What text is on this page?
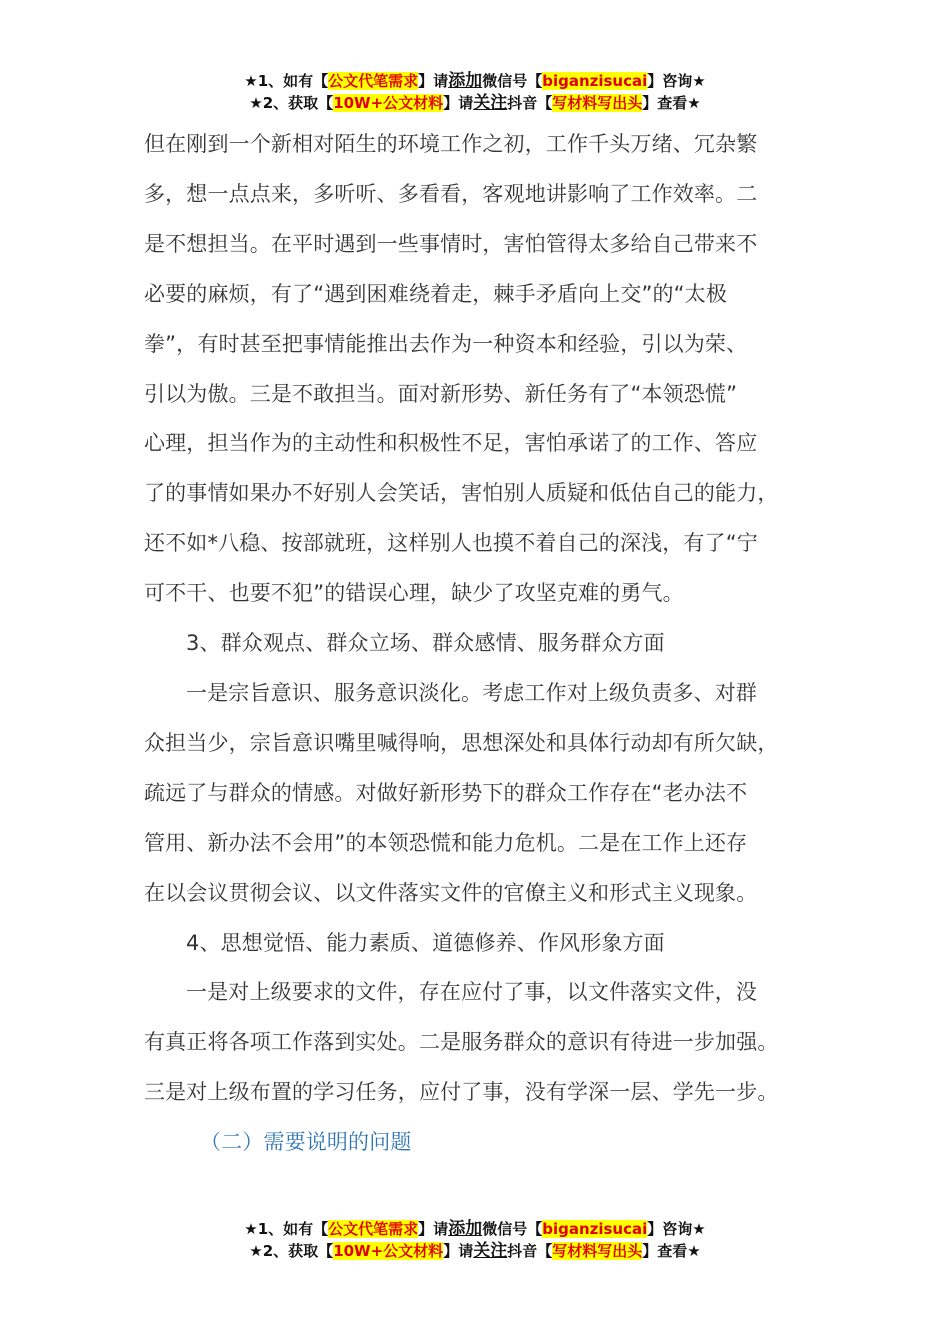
★1、如有【公文代笔需求】请添加微信号【biganzisucai】咨询★
★2、获取【10W+公文材料】请关注抖音【写材料写出头】查看★

但在刚到一个新相对陌生的环境工作之初，工作千头万绪、冗杂繁

多，想一点点来，多听听、多看看，客观地讲影响了工作效率。二

是不想担当。在平时遇到一些事情时，害怕管得太多给自己带来不

必要的麻烦，有了“遇到困难绕着走，棘手矛盾向上交”的“太极

拳”，有时甚至把事情能推出去作为一种资本和经验，引以为荣、

引以为傲。三是不敢担当。面对新形势、新任务有了“本领恐慌”

心理，担当作为的主动性和积极性不足，害怕承诺了的工作、答应

了的事情如果办不好别人会笑话，害怕别人质疑和低估自己的能力，

还不如*八稳、按部就班，这样别人也摸不着自己的深浅，有了“宁

可不干、也要不犯”的错误心理，缺少了攻坚克难的勇气。

3、群众观点、群众立场、群众感情、服务群众方面

一是宗旨意识、服务意识淡化。考虑工作对上级负责多、对群

众担当少，宗旨意识嘴里喊得响，思想深处和具体行动却有所欠缺，

疏远了与群众的情感。对做好新形势下的群众工作存在“老办法不

管用、新办法不会用”的本领恐慌和能力危机。二是在工作上还存

在以会议贯彻会议、以文件落实文件的官僚主义和形式主义现象。

4、思想觉悟、能力素质、道德修养、作风形象方面

一是对上级要求的文件，存在应付了事，以文件落实文件，没

有真正将各项工作落到实处。二是服务群众的意识有待进一步加强。

三是对上级布置的学习任务，应付了事，没有学深一层、学先一步。

（二）需要说明的问题

★1、如有【公文代笔需求】请添加微信号【biganzisucai】咨询★
★2、获取【10W+公文材料】请关注抖音【写材料写出头】查看★
